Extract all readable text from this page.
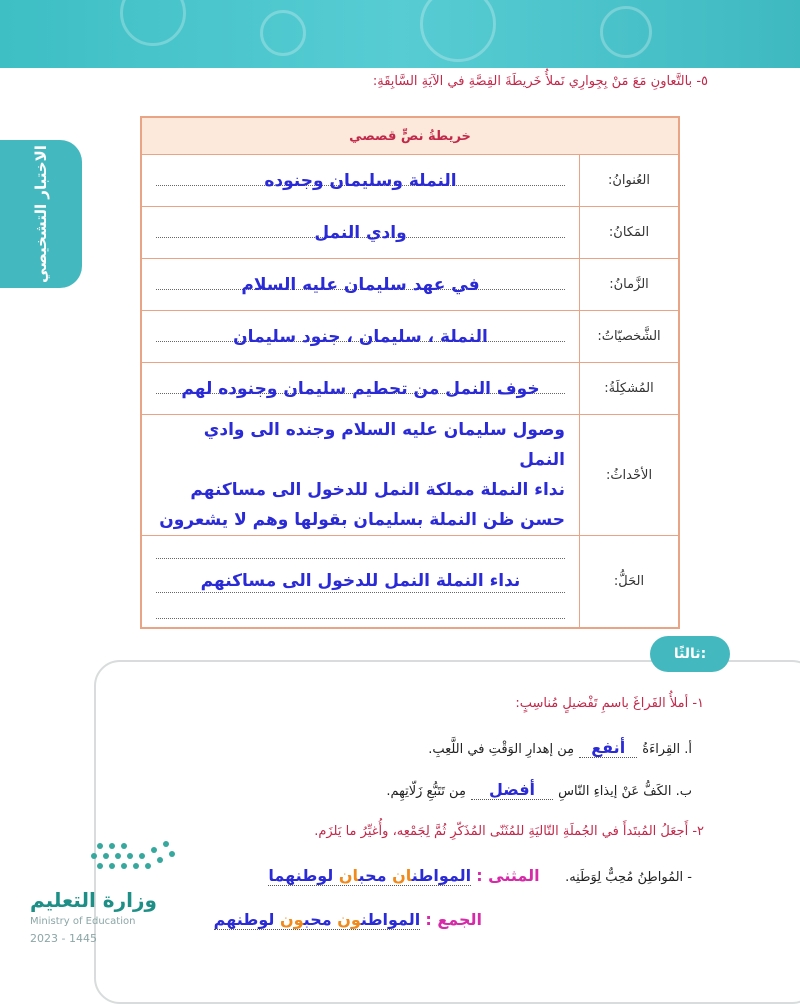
الاختبار التشخيصي
٥- بالتَّعاونِ مَعَ مَنْ بِجِوارِي نَملأُ خَريطَةَ القِصَّةِ في الآيَةِ السَّابِقَةِ:
خريطةُ نصٍّ قصصي	
العُنوانُ:	النملة وسليمان وجنوده

المَكانُ:	وادي النمل

الزَّمانُ:	في عهد سليمان عليه السلام

الشَّخصيّاتُ:	النملة ، سليمان ، جنود سليمان

المُشكِلَةُ:	خوف النمل من تحطيم سليمان وجنوده لهم

الأحْداثُ:	وصول سليمان عليه السلام وجنده الى وادي النمل
نداء النملة مملكة النمل للدخول الى مساكنهم
حسن ظن النملة بسليمان بقولها وهم لا يشعرون

الحَلُّ:	نداء النملة النمل للدخول الى مساكنهم
ثالثًا:
١- أملأُ الفَراغَ باسمِ تَفْضيلٍ مُناسِبٍ:
أ. القِراءَةُ أنفع مِن إهدارِ الوَقْتِ في اللَّعِبِ.
ب. الكَفُّ عَنْ إيذاءِ النّاسِ أفضل مِن تَتَبُّعِ زَلّاتِهِم.
٢- أَجعَلُ المُبتَدأَ في الجُملَةِ التّاليَةِ للمُثَنّى المُذَكّرِ ثُمَّ لِجَمْعِه، وأُغيِّرُ ما يَلزَم.
- المُواطِنُ مُحِبٌّ لِوَطَنِه.     المثنى : المواطنان محبان لوطنهما
الجمع : المواطنون محبون لوطنهم
وزارة التعليم
Ministry of Education
2023 - 1445
